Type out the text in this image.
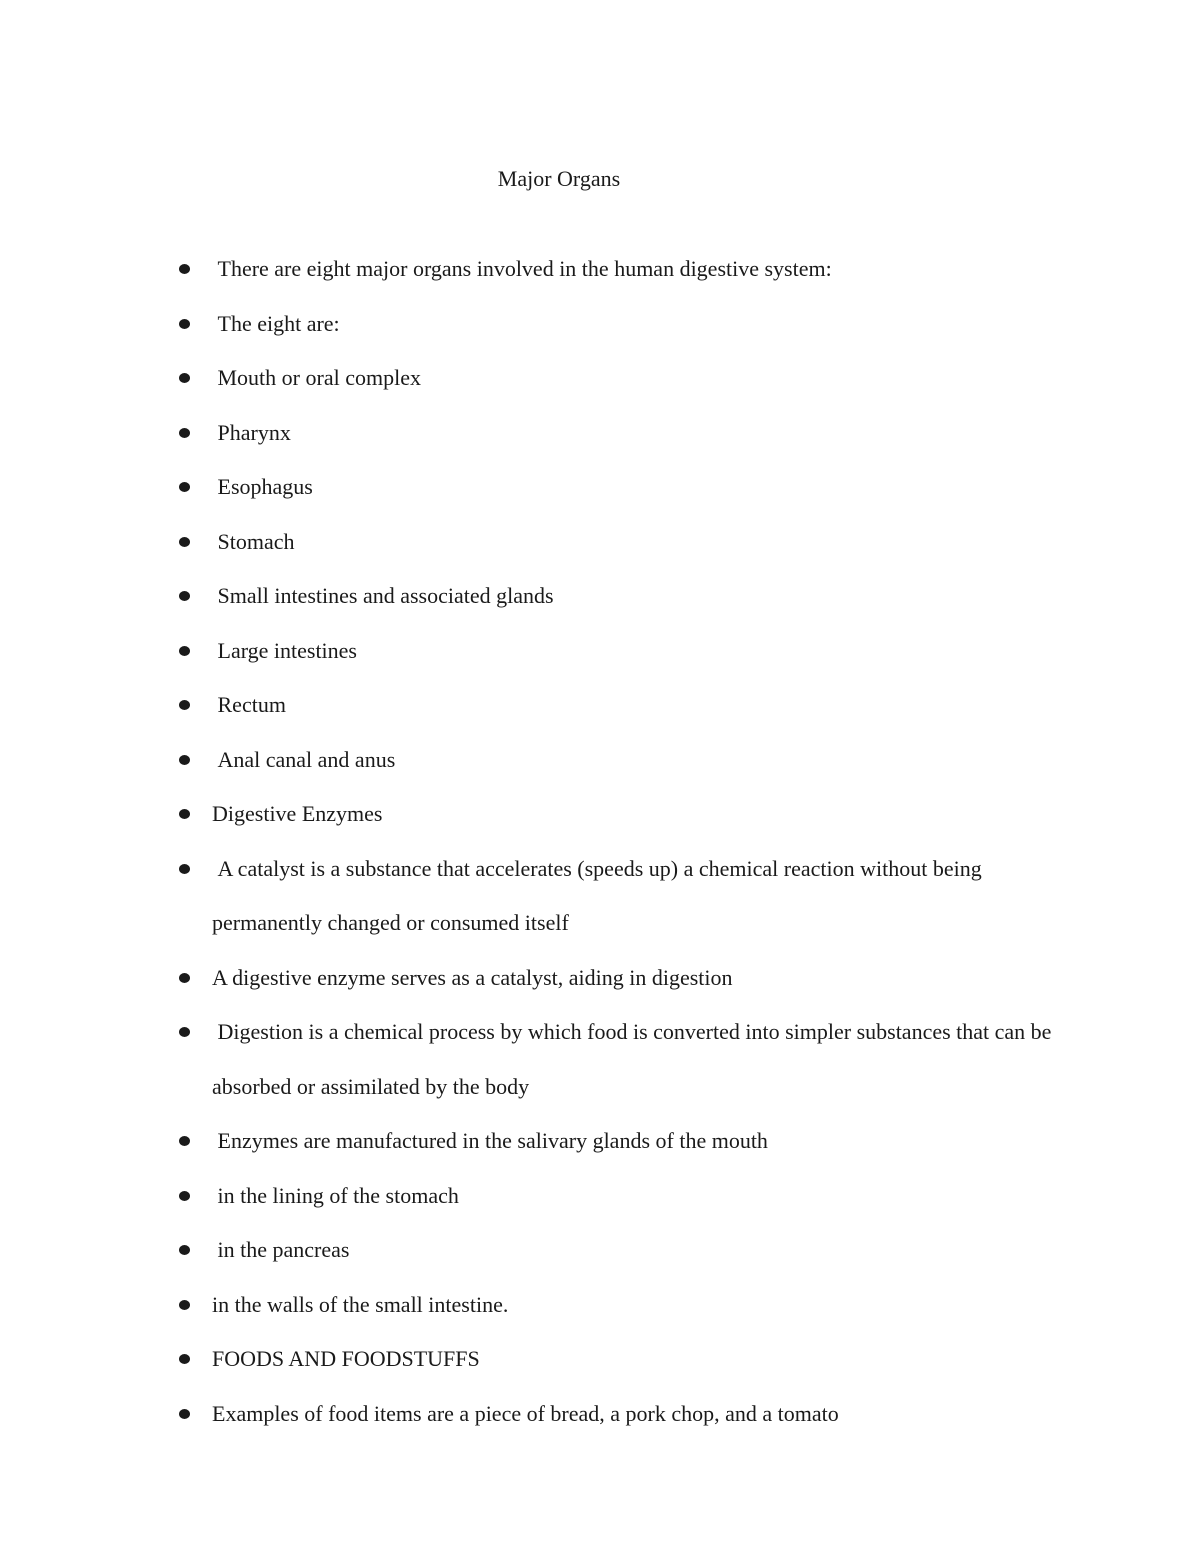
Major Organs
There are eight major organs involved in the human digestive system:
The eight are:
Mouth or oral complex
Pharynx
Esophagus
Stomach
Small intestines and associated glands
Large intestines
Rectum
Anal canal and anus
Digestive Enzymes
A catalyst is a substance that accelerates (speeds up) a chemical reaction without being permanently changed or consumed itself
A digestive enzyme serves as a catalyst, aiding in digestion
Digestion is a chemical process by which food is converted into simpler substances that can be absorbed or assimilated by the body
Enzymes are manufactured in the salivary glands of the mouth
in the lining of the stomach
in the pancreas
in the walls of the small intestine.
FOODS AND FOODSTUFFS
Examples of food items are a piece of bread, a pork chop, and a tomato
